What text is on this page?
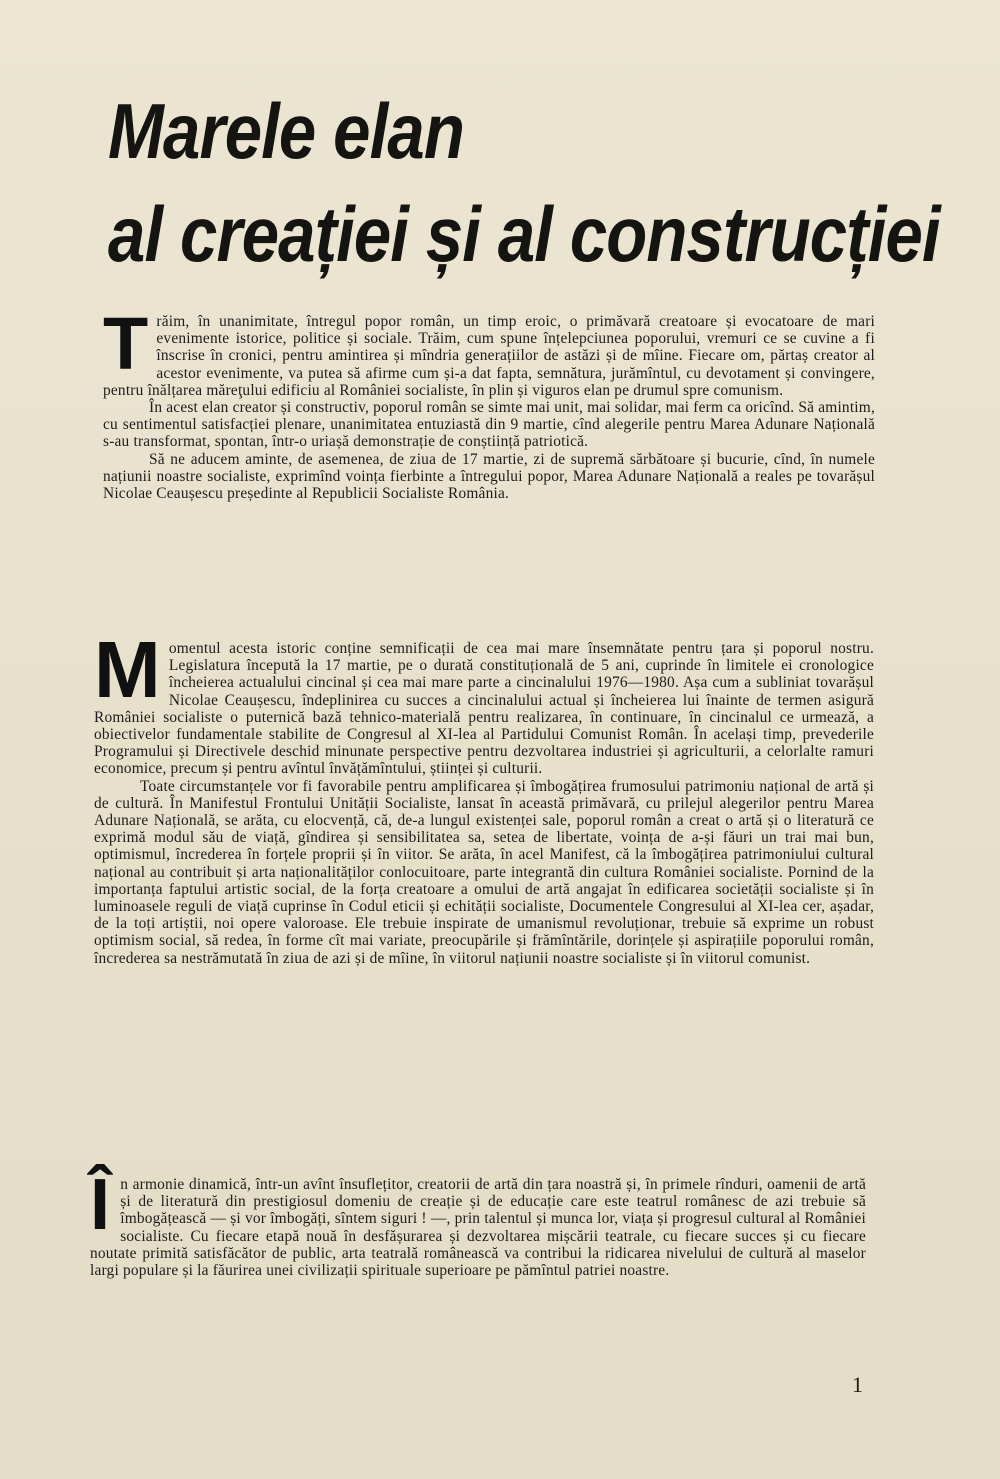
Marele elan
al creației și al construcției
T răim, în unanimitate, întregul popor român, un timp eroic, o primăvară creatoare și evocatoare de mari evenimente istorice, politice și sociale. Trăim, cum spune înțelepciunea poporului, vremuri ce se cuvine a fi înscrise în cronici, pentru amintirea și mîndria generațiilor de astăzi și de mîine. Fiecare om, părtaș creator al acestor evenimente, va putea să afirme cum și-a dat fapta, semnătura, jurămîntul, cu devotament și convingere, pentru înălțarea măreţului edificiu al României socialiste, în plin și viguros elan pe drumul spre comunism.

În acest elan creator și constructiv, poporul român se simte mai unit, mai solidar, mai ferm ca oricînd. Să amintim, cu sentimentul satisfacției plenare, unanimitatea entuziastă din 9 martie, cînd alegerile pentru Marea Adunare Națională s-au transformat, spontan, într-o uriașă demonstrație de conștiință patriotică.

Să ne aducem aminte, de asemenea, de ziua de 17 martie, zi de supremă sărbătoare și bucurie, cînd, în numele națiunii noastre socialiste, exprimînd voința fierbinte a întregului popor, Marea Adunare Națională a reales pe tovarășul Nicolae Ceaușescu președinte al Republicii Socialiste România.

M omentul acesta istoric conține semnificații de cea mai mare însemnătate pentru țara și poporul nostru. Legislatura începută la 17 martie, pe o durată constituțională de 5 ani, cuprinde în limitele ei cronologice încheierea actualului cincinal și cea mai mare parte a cincinalului 1976—1980. Așa cum a subliniat tovarășul Nicolae Ceaușescu, îndeplinirea cu succes a cincinalului actual și încheierea lui înainte de termen asigură României socialiste o puternică bază tehnico-materială pentru realizarea, în continuare, în cincinalul ce urmează, a obiectivelor fundamentale stabilite de Congresul al XI-lea al Partidului Comunist Român. În același timp, prevederile Programului și Directivele deschid minunate perspective pentru dezvoltarea industriei și agriculturii, a celorlalte ramuri economice, precum și pentru avîntul învățămîntului, științei și culturii.

Toate circumstanțele vor fi favorabile pentru amplificarea și îmbogățirea frumosului patrimoniu național de artă și de cultură. În Manifestul Frontului Unității Socialiste, lansat în această primăvară, cu prilejul alegerilor pentru Marea Adunare Națională, se arăta, cu elocvență, că, de-a lungul existenței sale, poporul român a creat o artă și o literatură ce exprimă modul său de viață, gîndirea și sensibilitatea sa, setea de libertate, voința de a-și făuri un trai mai bun, optimismul, încrederea în forțele proprii și în viitor. Se arăta, în acel Manifest, că la îmbogățirea patrimoniului cultural național au contribuit și arta naționalităților conlocuitoare, parte integrantă din cultura României socialiste. Pornind de la importanța faptului artistic social, de la forța creatoare a omului de artă angajat în edificarea societății socialiste și în luminoasele reguli de viață cuprinse în Codul eticii și echității socialiste, Documentele Congresului al XI-lea cer, așadar, de la toți artiștii, noi opere valoroase. Ele trebuie inspirate de umanismul revoluționar, trebuie să exprime un robust optimism social, să redea, în forme cît mai variate, preocupările și frămîntările, dorințele și aspirațiile poporului român, încrederea sa nestrămutată în ziua de azi și de mîine, în viitorul națiunii noastre socialiste și în viitorul comunist.

Î n armonie dinamică, într-un avînt însuflețitor, creatorii de artă din țara noastră și, în primele rînduri, oamenii de artă și de literatură din prestigiosul domeniu de creație și de educație care este teatrul românesc de azi trebuie să îmbogățească — și vor îmbogăți, sîntem siguri ! —, prin talentul și munca lor, viața și progresul cultural al României socialiste. Cu fiecare etapă nouă în desfășurarea și dezvoltarea mișcării teatrale, cu fiecare succes și cu fiecare noutate primită satisfăcător de public, arta teatrală românească va contribui la ridicarea nivelului de cultură al maselor largi populare și la făurirea unei civilizații spirituale superioare pe pămîntul patriei noastre.

1
